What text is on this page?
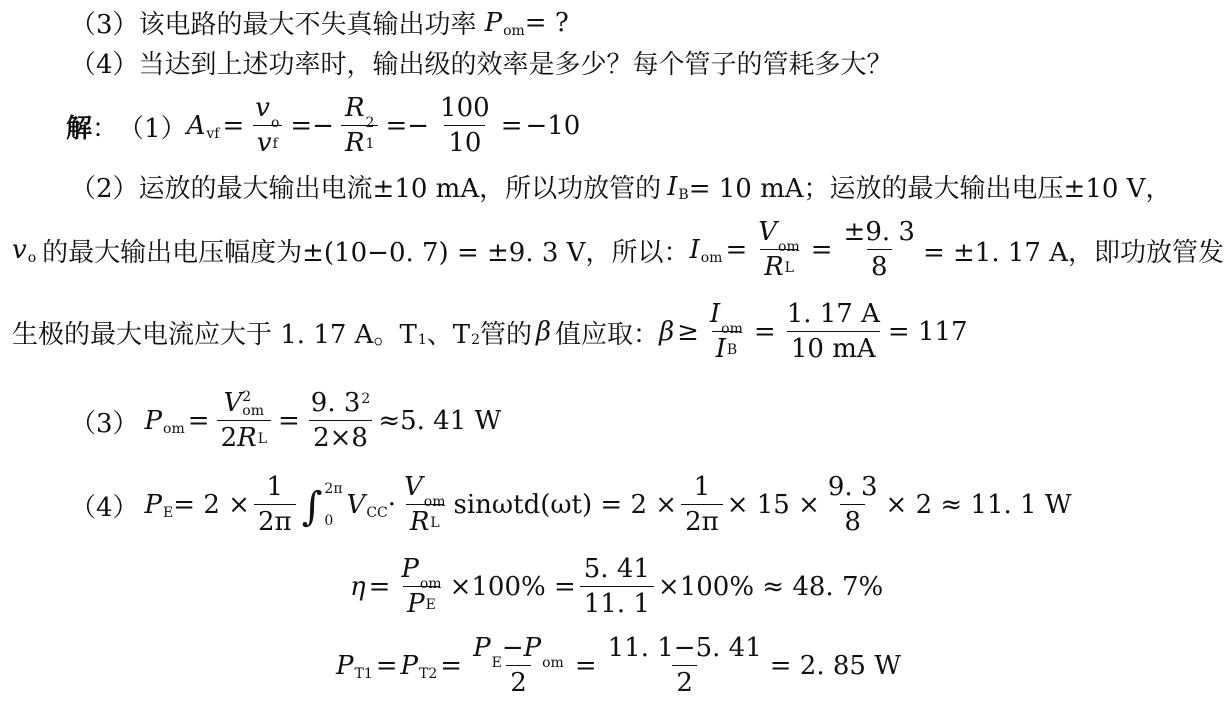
（3） 该电路的最大不失真输出功率 P om = ?
（4） 当达到上述功率时，输出级的效率是多少？每个管子的管耗多大？
解 ： （1） A vf = $\frac{\text{v o}}{\text{v f}} =- \frac{R 2}{R 1} =- \frac{100}{10} = -10$
（2） 运放的最大输出电流±10 mA，所以功放管的 I B = 10 mA；运放的最大输出电压±10 V，
v o 的最大输出电压幅度为±(10−0. 7) = ±9. 3 V，所以： I om = $\frac{\text{V om}}{\text{R L}} = \frac{\pm 9. 3}{8} = \pm 1$. 17 A，即功放管发
生极的最大电流应大于 1. 17 A。T 1 、T 2 管的 β 值应取： $\beta \ge \frac{\text{I om}}{\text{I B}} = \frac{1. 17 A}{10 mA} = 117$
（3） P om = V 2
om
2 R $L = \frac{9. 3 2}{2\times 8} \approx 5$. 41 W
（4） P $E = 2 \times \frac{1}{2\pi}$ ∫ 2π
0
V CC · $\frac{\text{V om}}{\text{R L}} \sin\omega td(\omega t) = 2 \times \frac{1}{2\pi} \times 15 \times \frac{9. 3}{8} \times 2 \approx 11$. 1 W
$\eta = \frac{\text{P om}}{\text{P E}} \times 100\% = \frac{5. 41}{11. 1} \times 100\% \approx 48$. 7%
P T1 = P $T2 = \frac{\text{P E − P om}}{2} = \frac{11. 1-5. 41}{2} = 2$. 85 W
